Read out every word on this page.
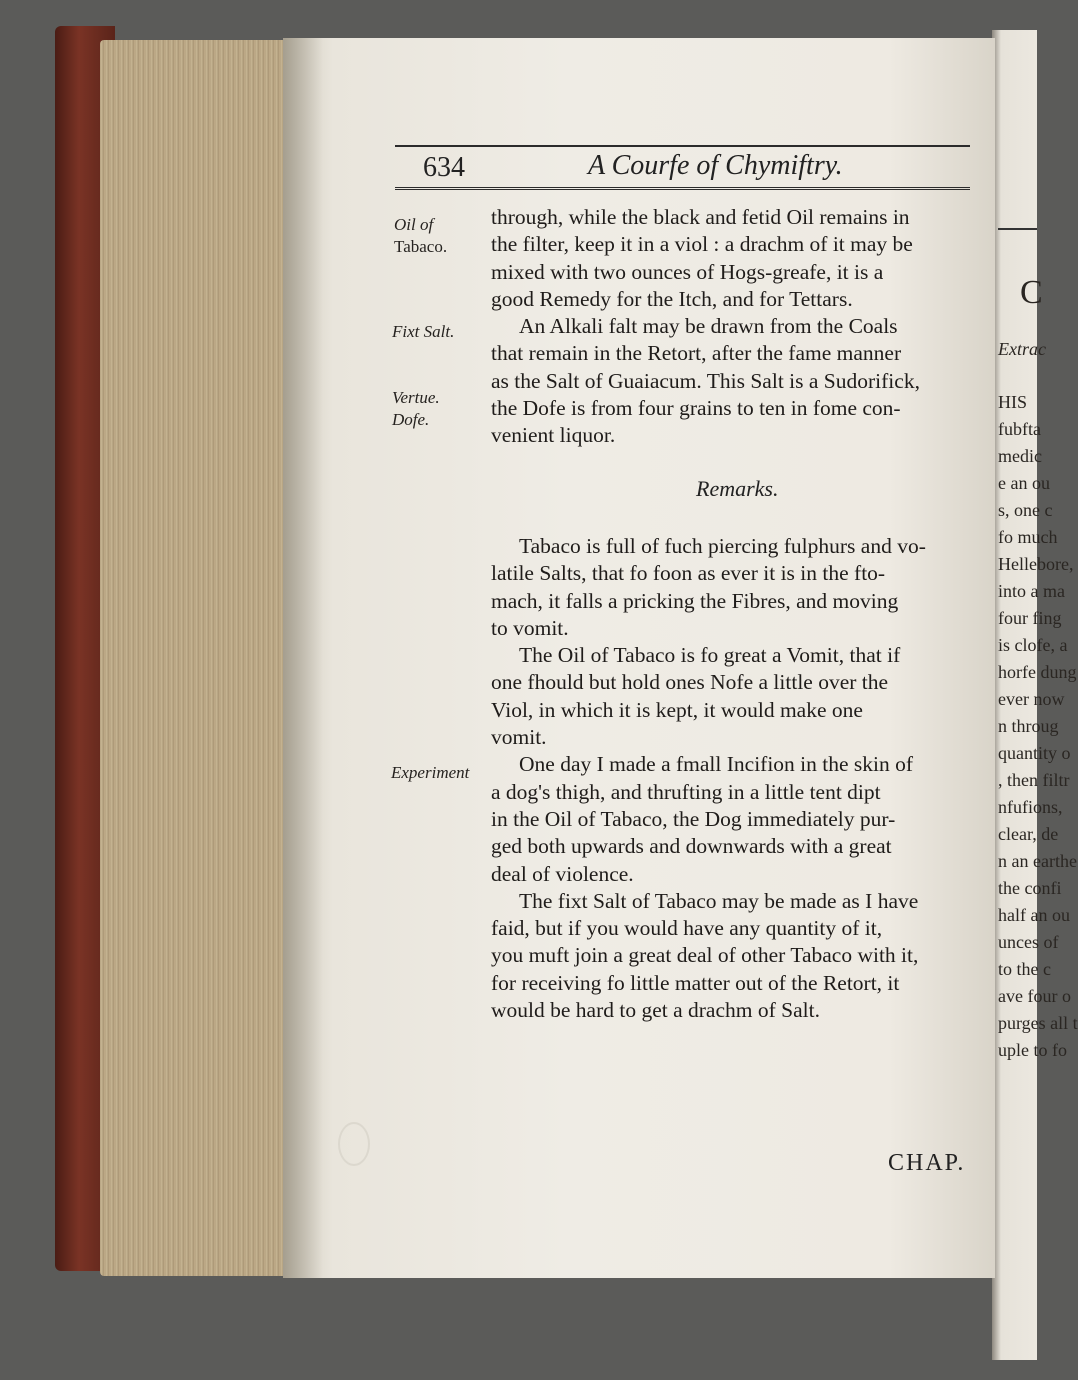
C
Extrac
HIS
fubfta
medic
e an ou
s, one c
fo much
Hellebore,
into a ma
four fing
is clofe, a
horfe dung
ever now
n throug
quantity o
, then filtr
nfufions,
clear, de
n an earthe
the confi
half an ou
unces of
to the c
ave four o
purges all t
uple to fo
634	A Courfe of Chymiftry.
Oil of
Tabaco.
Fixt Salt.
Vertue.
Dofe.
Experiment

through, while the black and fetid Oil remains in

the filter, keep it in a viol : a drachm of it may be

mixed with two ounces of Hogs-greafe, it is a

good Remedy for the Itch, and for Tettars.

An Alkali falt may be drawn from the Coals

that remain in the Retort, after the fame manner

as the Salt of Guaiacum. This Salt is a Sudorifick,

the Dofe is from four grains to ten in fome con-

venient liquor.

Remarks.

Tabaco is full of fuch piercing fulphurs and vo-

latile Salts, that fo foon as ever it is in the fto-

mach, it falls a pricking the Fibres, and moving

to vomit.

The Oil of Tabaco is fo great a Vomit, that if

one fhould but hold ones Nofe a little over the

Viol, in which it is kept, it would make one

vomit.

One day I made a fmall Incifion in the skin of

a dog's thigh, and thrufting in a little tent dipt

in the Oil of Tabaco, the Dog immediately pur-

ged both upwards and downwards with a great

deal of violence.

The fixt Salt of Tabaco may be made as I have

faid, but if you would have any quantity of it,

you muft join a great deal of other Tabaco with it,

for receiving fo little matter out of the Retort, it

would be hard to get a drachm of Salt.

CHAP.
